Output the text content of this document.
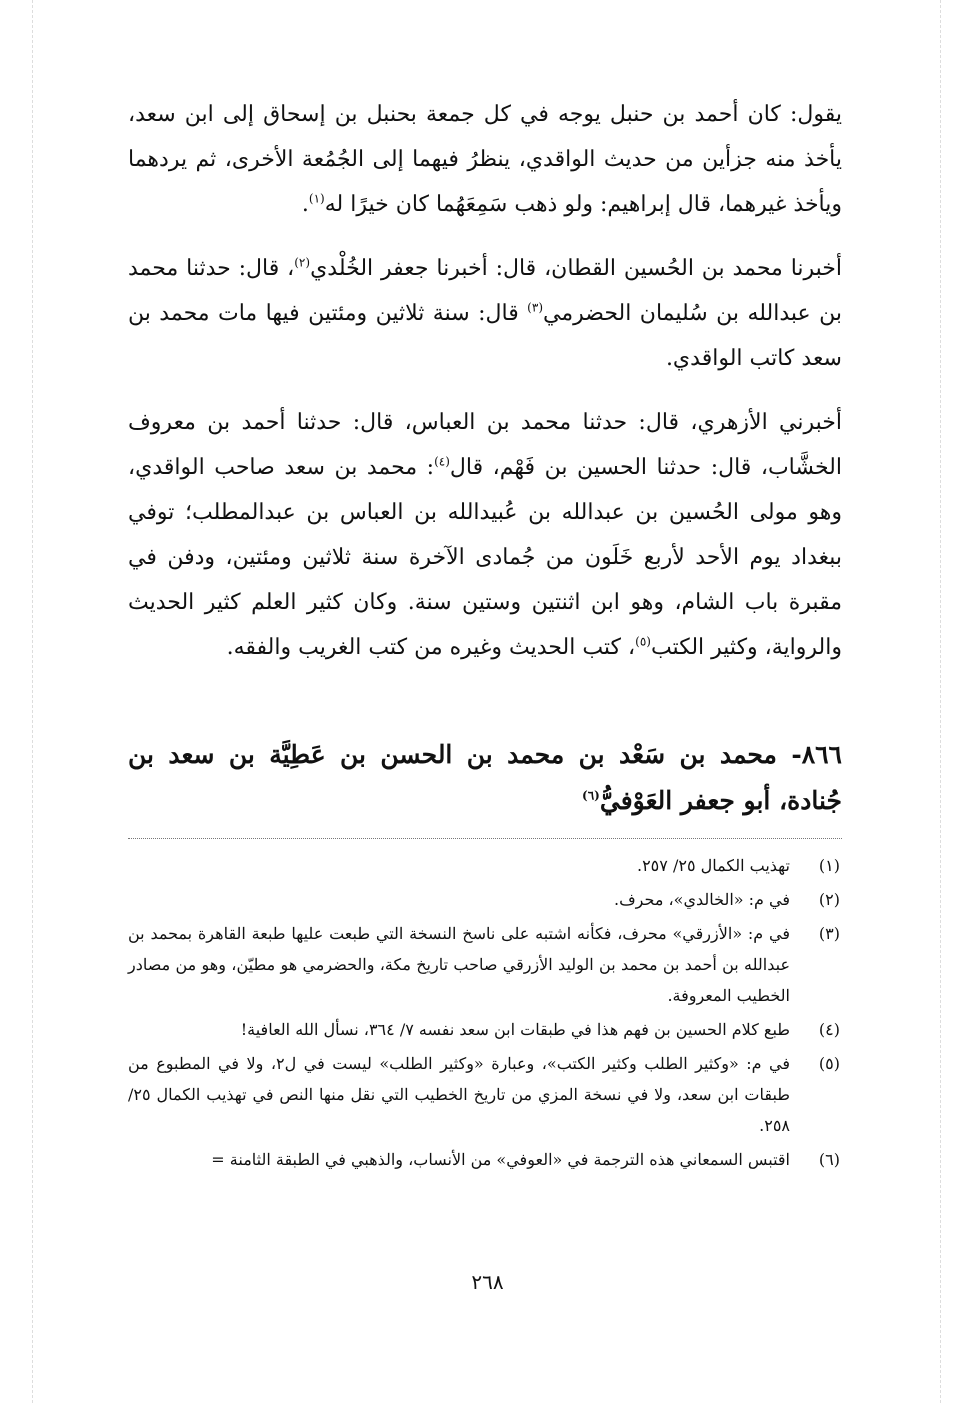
يقول: كان أحمد بن حنبل يوجه في كل جمعة بحنبل بن إسحاق إلى ابن سعد، يأخذ منه جزأين من حديث الواقدي، ينظرُ فيهما إلى الجُمُعة الأخرى، ثم يردهما ويأخذ غيرهما، قال إبراهيم: ولو ذهب سَمِعَهُما كان خيرًا له$^{(١)}$.

أخبرنا محمد بن الحُسين القطان، قال: أخبرنا جعفر الخُلْدي$^{(٢)}$، قال: حدثنا محمد بن عبدالله بن سُليمان الحضرمي$^{(٣)}$ قال: سنة ثلاثين ومئتين فيها مات محمد بن سعد كاتب الواقدي.

أخبرني الأزهري، قال: حدثنا محمد بن العباس، قال: حدثنا أحمد بن معروف الخشَّاب، قال: حدثنا الحسين بن فَهْم، قال$^{(٤)}$: محمد بن سعد صاحب الواقدي، وهو مولى الحُسين بن عبدالله بن عُبيدالله بن العباس بن عبدالمطلب؛ توفي ببغداد يوم الأحد لأربع خَلَون من جُمادى الآخرة سنة ثلاثين ومئتين، ودفن في مقبرة باب الشام، وهو ابن اثنتين وستين سنة. وكان كثير العلم كثير الحديث والرواية، وكثير الكتب$^{(٥)}$، كتب الحديث وغيره من كتب الغريب والفقه.

٨٦٦- محمد بن سَعْد بن محمد بن الحسن بن عَطِيَّة بن سعد بن جُنادة، أبو جعفر العَوْفيُّ$^{(٦)}$

(١)
تهذيب الكمال ٢٥/ ٢٥٧.
(٢)
في م: «الخالدي»، محرف.
(٣)
في م: «الأزرقي» محرف، فكأنه اشتبه على ناسخ النسخة التي طبعت عليها طبعة القاهرة بمحمد بن عبدالله بن أحمد بن محمد بن الوليد الأزرقي صاحب تاريخ مكة، والحضرمي هو مطيّن، وهو من مصادر الخطيب المعروفة.
(٤)
طبع كلام الحسين بن فهم هذا في طبقات ابن سعد نفسه ٧/ ٣٦٤، نسأل الله العافية!
(٥)
في م: «وكثير الطلب وكثير الكتب»، وعبارة «وكثير الطلب» ليست في ل٢، ولا في المطبوع من طبقات ابن سعد، ولا في نسخة المزي من تاريخ الخطيب التي نقل منها النص في تهذيب الكمال ٢٥/ ٢٥٨.
(٦)
اقتبس السمعاني هذه الترجمة في «العوفي» من الأنساب، والذهبي في الطبقة الثامنة =
٢٦٨
